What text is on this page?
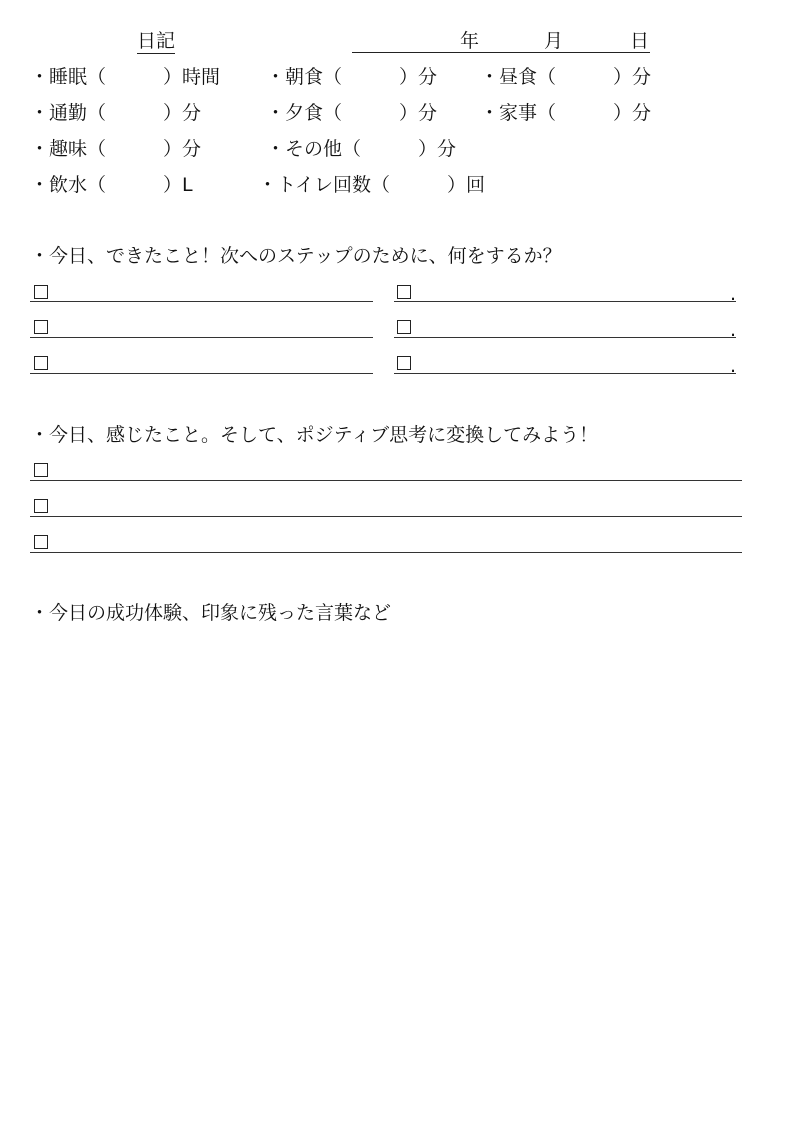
日記	年	月	日
・睡眠（　　　）時間 ・朝食（　　　）分 ・昼食（　　　）分
・通勤（　　　）分	・夕食（　　　）分 ・家事（　　　）分
・趣味（　　　）分	・その他（　　　）分
・飲水（　　　）L	・トイレ回数（　　　）回
・今日、できたこと！次へのステップのために、何をするか？
.
.
.
・今日、感じたこと。そして、ポジティブ思考に変換してみよう！
・今日の成功体験、印象に残った言葉など
